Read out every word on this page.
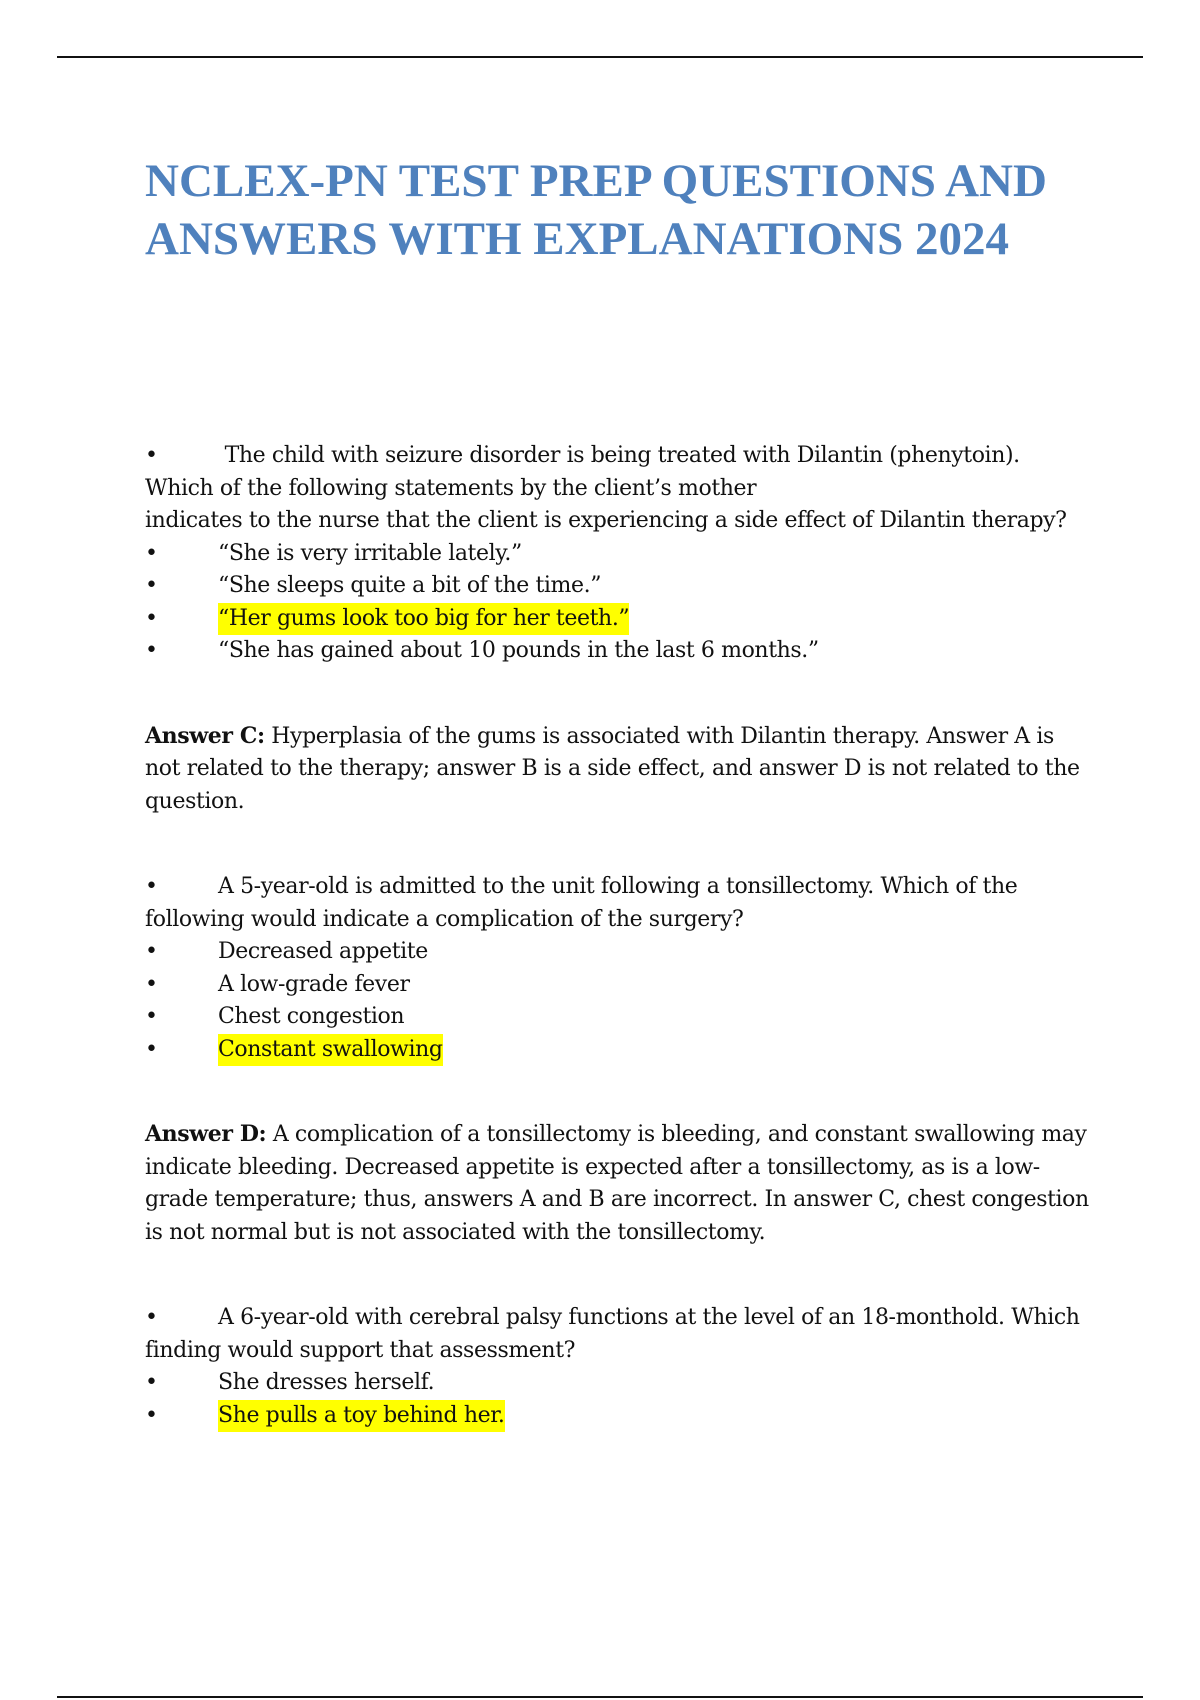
NCLEX-PN TEST PREP QUESTIONS AND ANSWERS WITH EXPLANATIONS 2024
•	The child with seizure disorder is being treated with Dilantin (phenytoin). Which of the following statements by the client’s mother

indicates to the nurse that the client is experiencing a side effect of Dilantin therapy?

•	“She is very irritable lately.”
•	“She sleeps quite a bit of the time.”
•	“Her gums look too big for her teeth.”
•	“She has gained about 10 pounds in the last 6 months.”

Answer C: Hyperplasia of the gums is associated with Dilantin therapy. Answer A is not related to the therapy; answer B is a side effect, and answer D is not related to the question.

•	A 5-year-old is admitted to the unit following a tonsillectomy. Which of the following would indicate a complication of the surgery?

•	Decreased appetite
•	A low-grade fever
•	Chest congestion
•	Constant swallowing

Answer D: A complication of a tonsillectomy is bleeding, and constant swallowing may indicate bleeding. Decreased appetite is expected after a tonsillectomy, as is a low-grade temperature; thus, answers A and B are incorrect. In answer C, chest congestion is not normal but is not associated with the tonsillectomy.

•	A 6-year-old with cerebral palsy functions at the level of an 18-monthold. Which finding would support that assessment?

•	She dresses herself.
•	She pulls a toy behind her.
